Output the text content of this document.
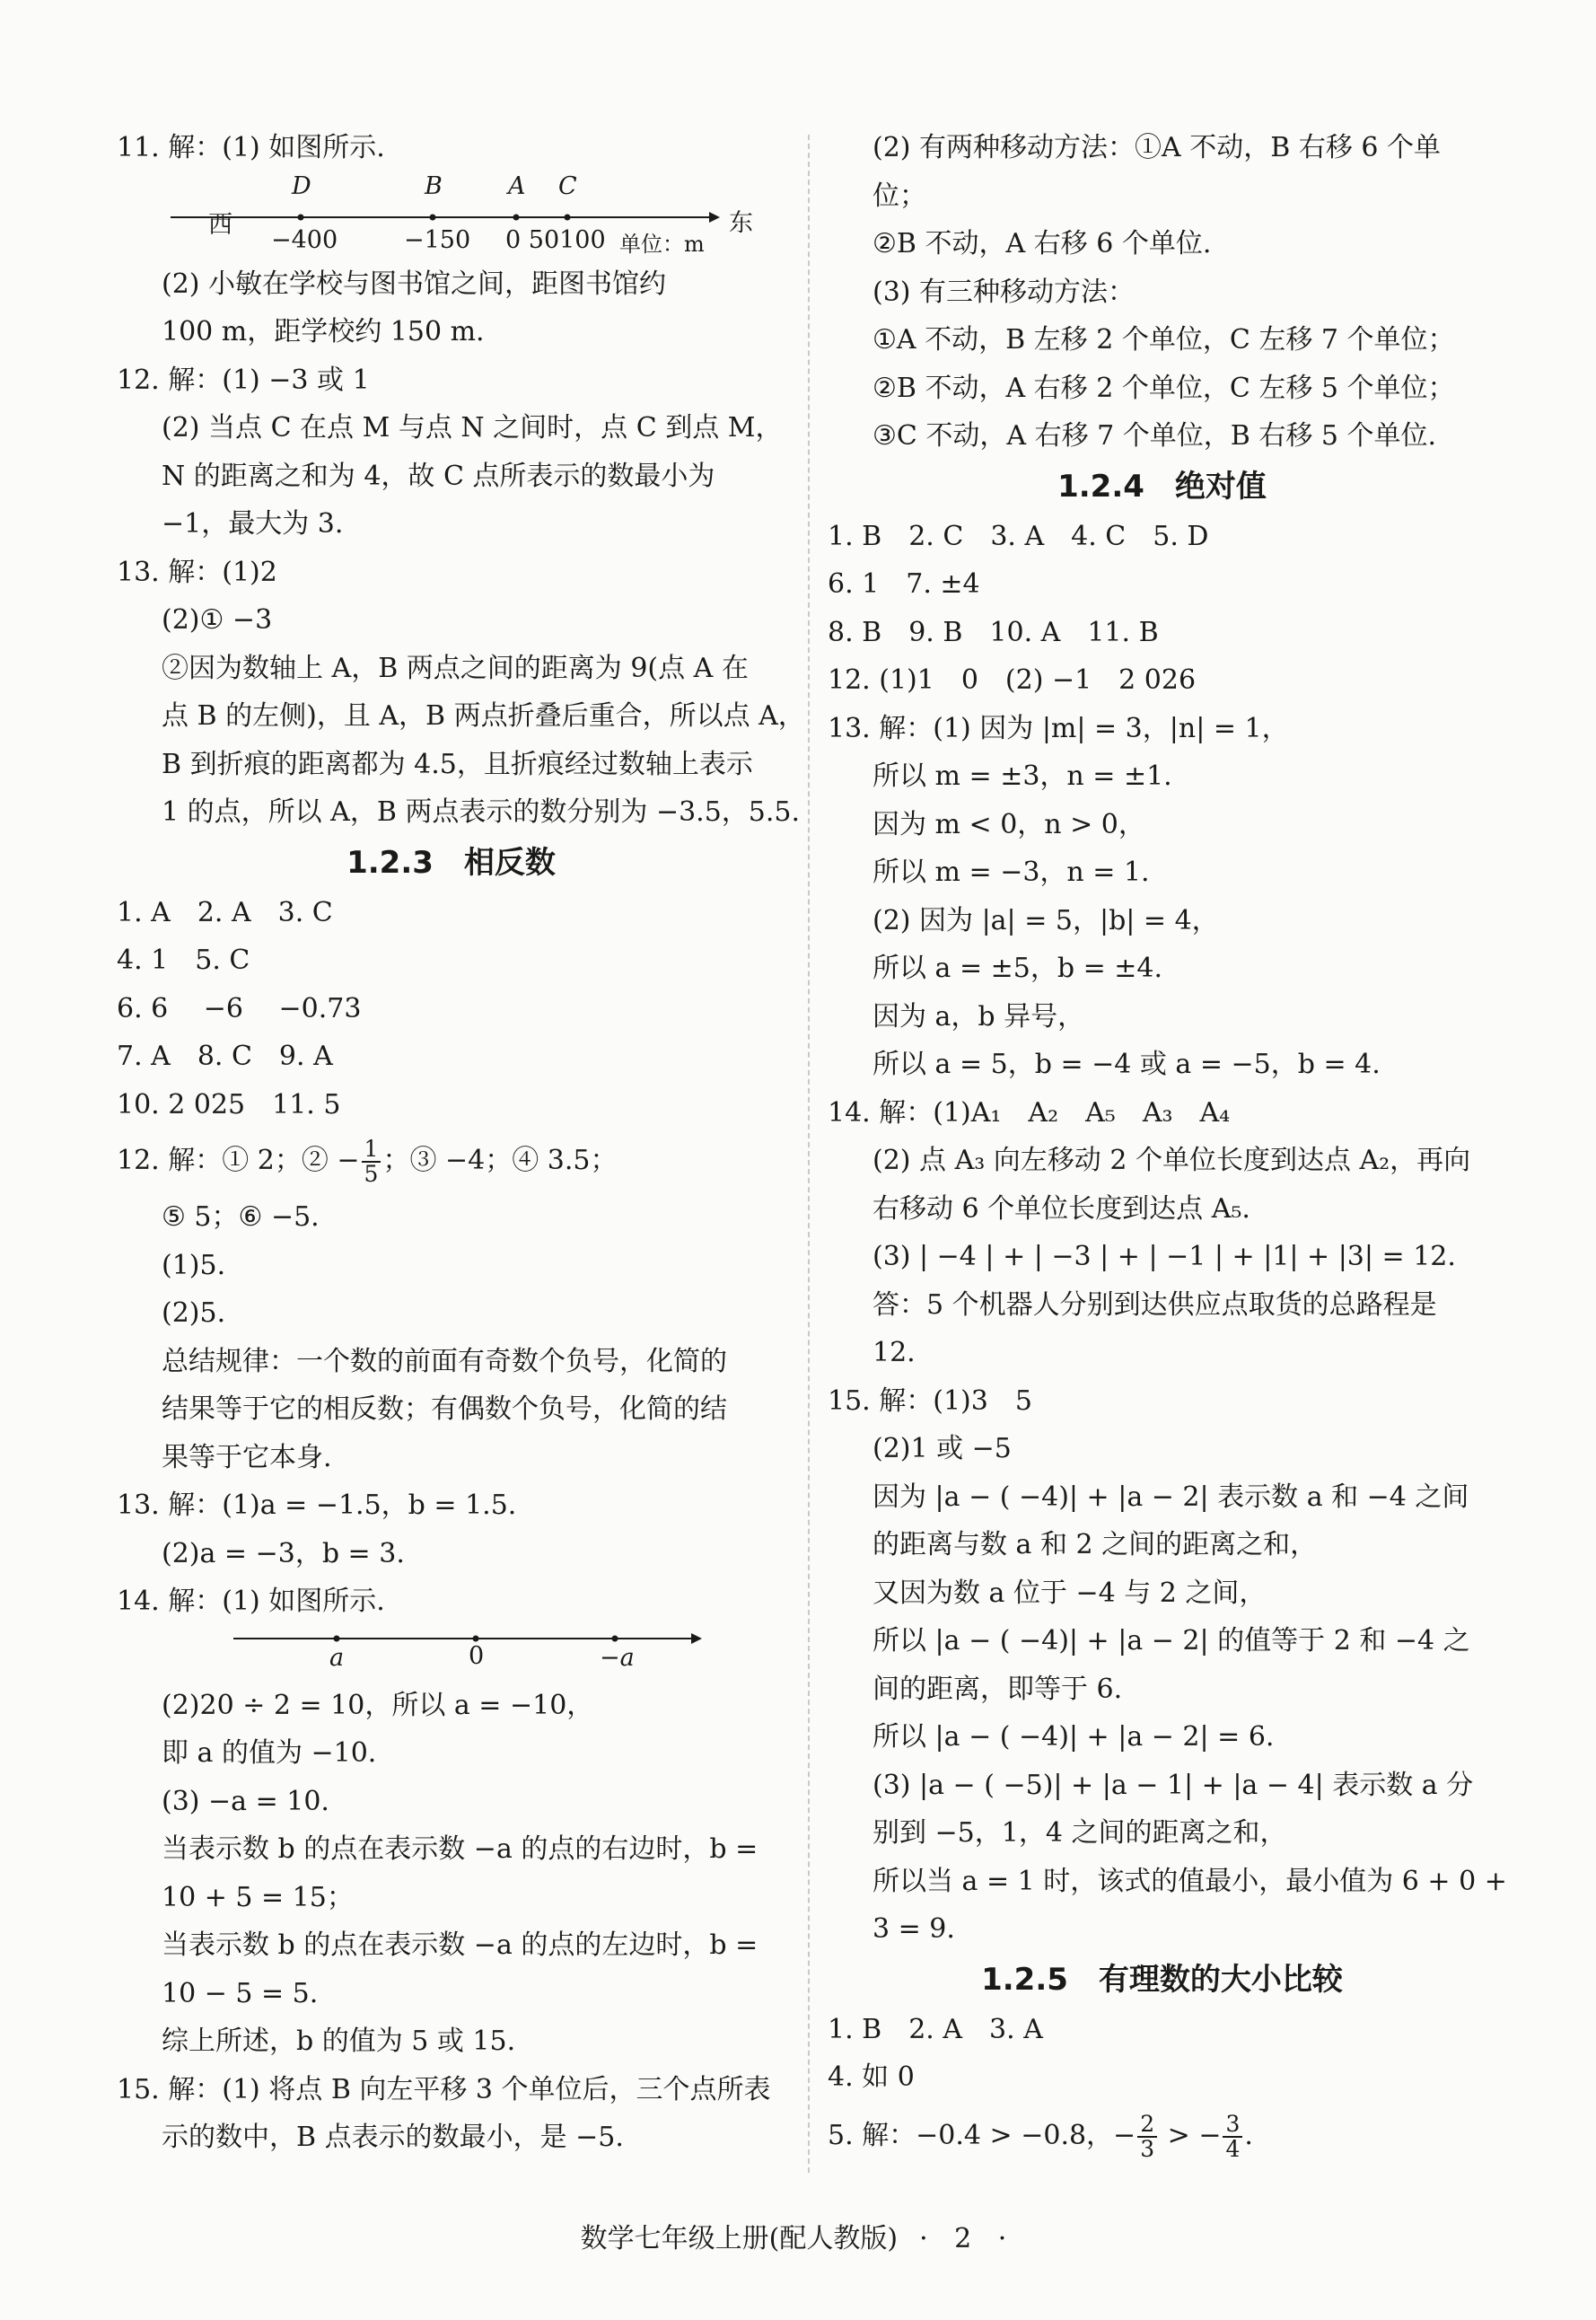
11. 解：(1) 如图所示.
西	东
D	B	A C
−400	−150 0 50100 单位：m
(2) 小敏在学校与图书馆之间，距图书馆约
100 m，距学校约 150 m.
12. 解：(1) −3 或 1
(2) 当点 C 在点 M 与点 N 之间时，点 C 到点 M，
N 的距离之和为 4，故 C 点所表示的数最小为
−1，最大为 3.
13. 解：(1)2
(2)① −3
②因为数轴上 A，B 两点之间的距离为 9(点 A 在
点 B 的左侧)，且 A，B 两点折叠后重合，所以点 A，
B 到折痕的距离都为 4.5，且折痕经过数轴上表示
1 的点，所以 A，B 两点表示的数分别为 −3.5，5.5.
1.2.3　相反数
1. A　2. A　3. C
4. 1　5. C
6. 6　 −6　 −0.73
7. A　8. C　9. A
10. 2 025　11. 5
12. 解：① 2；② − $\frac{1}{5}$ ；③ −4；④ 3.5；
⑤ 5；⑥ −5.
(1)5.
(2)5.
总结规律：一个数的前面有奇数个负号，化简的
结果等于它的相反数；有偶数个负号，化简的结
果等于它本身.
13. 解：(1)a = −1.5，b = 1.5.
(2)a = −3，b = 3.
14. 解：(1) 如图所示.
a	0	−a
(2)20 ÷ 2 = 10，所以 a = −10，
即 a 的值为 −10.
(3) −a = 10.
当表示数 b 的点在表示数 −a 的点的右边时，b =
10 + 5 = 15；
当表示数 b 的点在表示数 −a 的点的左边时，b =
10 − 5 = 5.
综上所述，b 的值为 5 或 15.
15. 解：(1) 将点 B 向左平移 3 个单位后，三个点所表
示的数中，B 点表示的数最小，是 −5.
(2) 有两种移动方法：①A 不动，B 右移 6 个单
位；
②B 不动，A 右移 6 个单位.
(3) 有三种移动方法：
①A 不动，B 左移 2 个单位，C 左移 7 个单位；
②B 不动，A 右移 2 个单位，C 左移 5 个单位；
③C 不动，A 右移 7 个单位，B 右移 5 个单位.
1.2.4　绝对值
1. B　2. C　3. A　4. C　5. D
6. 1　7. ±4
8. B　9. B　10. A　11. B
12. (1)1　0　(2) −1　2 026
13. 解：(1) 因为 |m| = 3，|n| = 1，
所以 m = ±3，n = ±1.
因为 m < 0，n > 0，
所以 m = −3，n = 1.
(2) 因为 |a| = 5，|b| = 4，
所以 a = ±5，b = ±4.
因为 a，b 异号，
所以 a = 5，b = −4 或 a = −5，b = 4.
14. 解：(1)A₁　A₂　A₅　A₃　A₄
(2) 点 A₃ 向左移动 2 个单位长度到达点 A₂，再向
右移动 6 个单位长度到达点 A₅.
(3) | −4 | + | −3 | + | −1 | + |1| + |3| = 12.
答：5 个机器人分别到达供应点取货的总路程是
12.
15. 解：(1)3　5
(2)1 或 −5
因为 |a − ( −4)| + |a − 2| 表示数 a 和 −4 之间
的距离与数 a 和 2 之间的距离之和，
又因为数 a 位于 −4 与 2 之间，
所以 |a − ( −4)| + |a − 2| 的值等于 2 和 −4 之
间的距离，即等于 6.
所以 |a − ( −4)| + |a − 2| = 6.
(3) |a − ( −5)| + |a − 1| + |a − 4| 表示数 a 分
别到 −5，1，4 之间的距离之和，
所以当 a = 1 时，该式的值最小，最小值为 6 + 0 +
3 = 9.
1.2.5　有理数的大小比较
1. B　2. A　3. A
4. 如 0
5. 解：−0.4 > −0.8，− $\frac{2}{3}$ > − $\frac{3}{4}$ .
数学七年级上册(配人教版) · 2 ·
